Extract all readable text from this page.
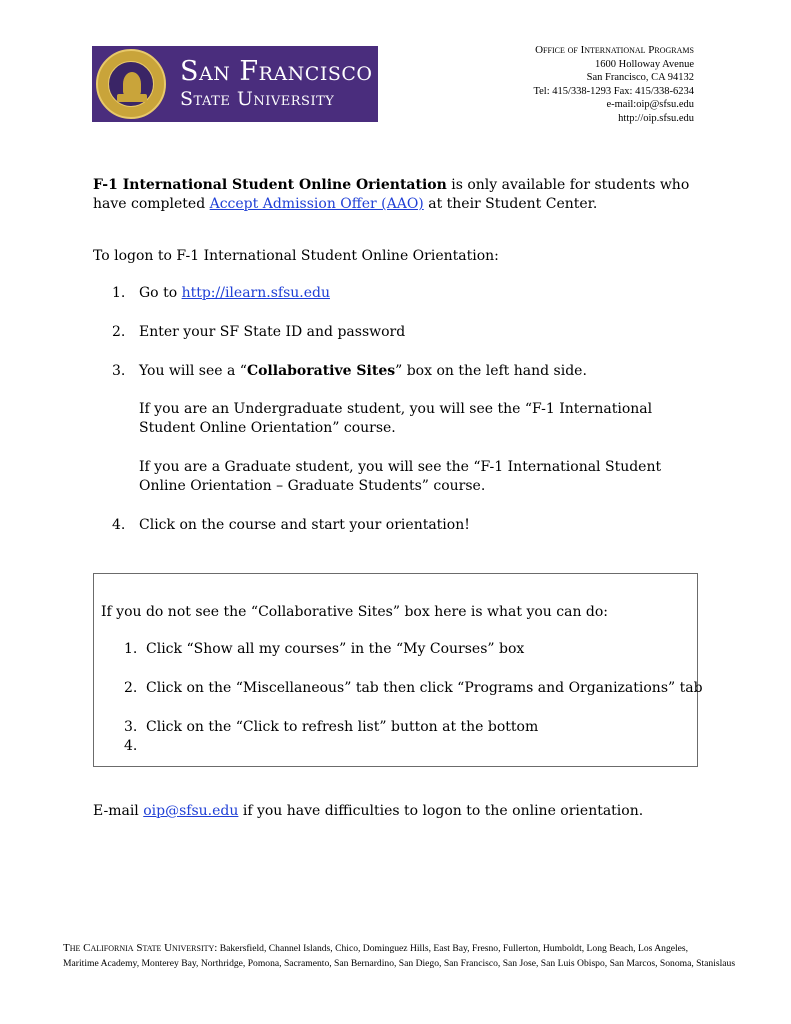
San Francisco
State University
Office of International Programs
1600 Holloway Avenue
San Francisco, CA 94132
Tel: 415/338-1293 Fax: 415/338-6234
e-mail:oip@sfsu.edu
http://oip.sfsu.edu

F-1 International Student Online Orientation is only available for students who have completed Accept Admission Offer (AAO) at their Student Center.

To logon to F-1 International Student Online Orientation:

1. Go to http://ilearn.sfsu.edu
2. Enter your SF State ID and password
3. You will see a “Collaborative Sites” box on the left hand side.
If you are an Undergraduate student, you will see the “F-1 International Student Online Orientation” course.
If you are a Graduate student, you will see the “F-1 International Student Online Orientation – Graduate Students” course.
4. Click on the course and start your orientation!
If you do not see the “Collaborative Sites” box here is what you can do:
1. Click “Show all my courses” in the “My Courses” box
2. Click on the “Miscellaneous” tab then click “Programs and Organizations” tab
3. Click on the “Click to refresh list” button at the bottom
4.

E-mail oip@sfsu.edu if you have difficulties to logon to the online orientation.

The California State University: Bakersfield, Channel Islands, Chico, Dominguez Hills, East Bay, Fresno, Fullerton, Humboldt, Long Beach, Los Angeles,
Maritime Academy, Monterey Bay, Northridge, Pomona, Sacramento, San Bernardino, San Diego, San Francisco, San Jose, San Luis Obispo, San Marcos, Sonoma, Stanislaus
